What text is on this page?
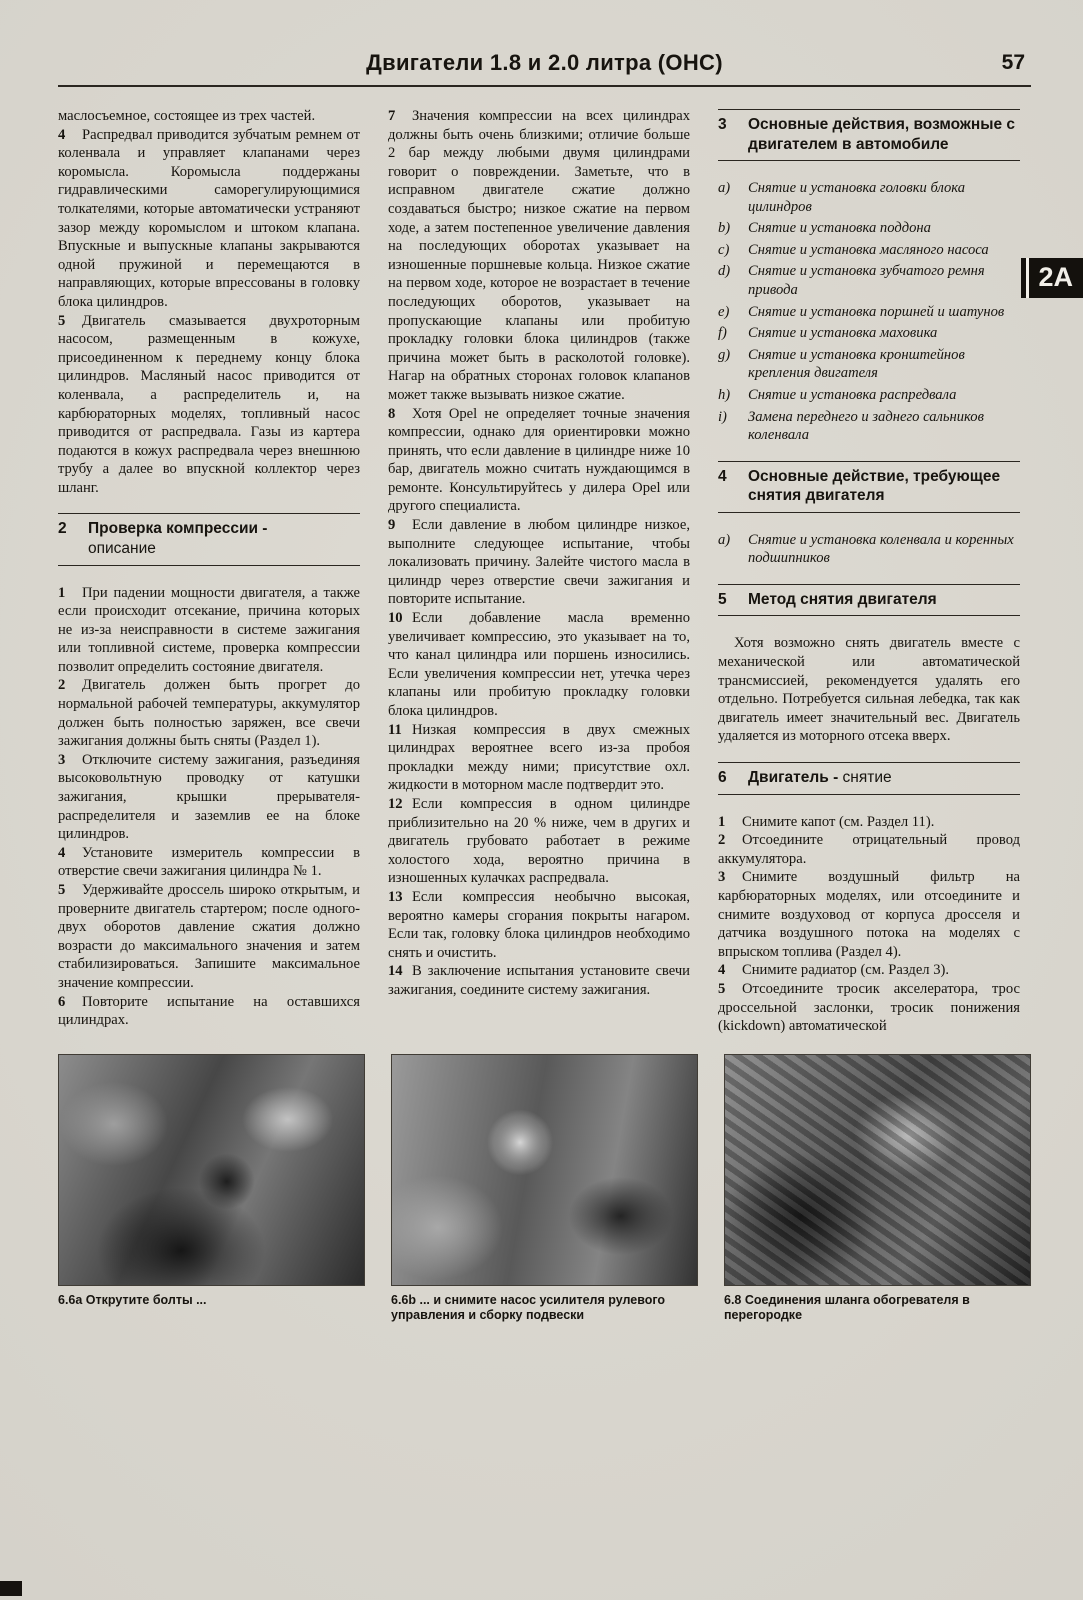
Двигатели 1.8 и 2.0 литра (OHC)	57
2A

маслосъемное, состоящее из трех частей.

4 Распредвал приводится зубчатым ремнем от коленвала и управляет клапанами через коромысла. Коромысла поддержаны гидравлическими саморегулирующимися толкателями, которые автоматически устраняют зазор между коромыслом и штоком клапана. Впускные и выпускные клапаны закрываются одной пружиной и перемещаются в направляющих, которые впрессованы в головку блока цилиндров.

5 Двигатель смазывается двухроторным насосом, размещенным в кожухе, присоединенном к переднему концу блока цилиндров. Масляный насос приводится от коленвала, а распределитель и, на карбюраторных моделях, топливный насос приводится от распредвала. Газы из картера подаются в кожух распредвала через внешнюю трубу а далее во впускной коллектор через шланг.

2	Проверка компрессии -
описание

1 При падении мощности двигателя, а также если происходит отсекание, причина которых не из-за неисправности в системе зажигания или топливной системе, проверка компрессии позволит определить состояние двигателя.

2 Двигатель должен быть прогрет до нормальной рабочей температуры, аккумулятор должен быть полностью заряжен, все свечи зажигания должны быть сняты (Раздел 1).

3 Отключите систему зажигания, разъединяя высоковольтную проводку от катушки зажигания, крышки прерывателя-распределителя и заземлив ее на блоке цилиндров.

4 Установите измеритель компрессии в отверстие свечи зажигания цилиндра № 1.

5 Удерживайте дроссель широко открытым, и проверните двигатель стартером; после одного-двух оборотов давление сжатия должно возрасти до максимального значения и затем стабилизироваться. Запишите максимальное значение компрессии.

6 Повторите испытание на оставшихся цилиндрах.

7 Значения компрессии на всех цилиндрах должны быть очень близкими; отличие больше 2 бар между любыми двумя цилиндрами говорит о повреждении. Заметьте, что в исправном двигателе сжатие должно создаваться быстро; низкое сжатие на первом ходе, а затем постепенное увеличение давления на последующих оборотах указывает на изношенные поршневые кольца. Низкое сжатие на первом ходе, которое не возрастает в течение последующих оборотов, указывает на пропускающие клапаны или пробитую прокладку головки блока цилиндров (также причина может быть в расколотой головке). Нагар на обратных сторонах головок клапанов может также вызывать низкое сжатие.

8 Хотя Opel не определяет точные значения компрессии, однако для ориентировки можно принять, что если давление в цилиндре ниже 10 бар, двигатель можно считать нуждающимся в ремонте. Консультируйтесь у дилера Opel или другого специалиста.

9 Если давление в любом цилиндре низкое, выполните следующее испытание, чтобы локализовать причину. Залейте чистого масла в цилиндр через отверстие свечи зажигания и повторите испытание.

10 Если добавление масла временно увеличивает компрессию, это указывает на то, что канал цилиндра или поршень износились. Если увеличения компрессии нет, утечка через клапаны или пробитую прокладку головки блока цилиндров.

11 Низкая компрессия в двух смежных цилиндрах вероятнее всего из-за пробоя прокладки между ними; присутствие охл. жидкости в моторном масле подтвердит это.

12 Если компрессия в одном цилиндре приблизительно на 20 % ниже, чем в других и двигатель грубовато работает в режиме холостого хода, вероятно причина в изношенных кулачках распредвала.

13 Если компрессия необычно высокая, вероятно камеры сгорания покрыты нагаром. Если так, головку блока цилиндров необходимо снять и очистить.

14 В заключение испытания установите свечи зажигания, соедините систему зажигания.

3	Основные действия, возможные с двигателем в автомобиле
a)	Снятие и установка головки блока цилиндров
b)	Снятие и установка поддона
c)	Снятие и установка масляного насоса
d)	Снятие и установка зубчатого ремня привода
e)	Снятие и установка поршней и шатунов
f)	Снятие и установка маховика
g)	Снятие и установка кронштейнов крепления двигателя
h)	Снятие и установка распредвала
i)	Замена переднего и заднего сальников коленвала
4	Основные действие, требующее снятия двигателя
a)	Снятие и установка коленвала и коренных подшипников
5	Метод снятия двигателя

Хотя возможно снять двигатель вместе с механической или автоматической трансмиссией, рекомендуется удалять его отдельно. Потребуется сильная лебедка, так как двигатель имеет значительный вес. Двигатель удаляется из моторного отсека вверх.

6	Двигатель - снятие

1 Снимите капот (см. Раздел 11).

2 Отсоедините отрицательный провод аккумулятора.

3 Снимите воздушный фильтр на карбюраторных моделях, или отсоедините и снимите воздуховод от корпуса дросселя и датчика воздушного потока на моделях с впрыском топлива (Раздел 4).

4 Снимите радиатор (см. Раздел 3).

5 Отсоедините тросик акселератора, трос дроссельной заслонки, тросик понижения (kickdown) автоматической

6.6a Открутите болты ...	6.6b ... и снимите насос усилителя рулевого управления и сборку подвески
6.8 Соединения шланга обогревателя в перегородке
